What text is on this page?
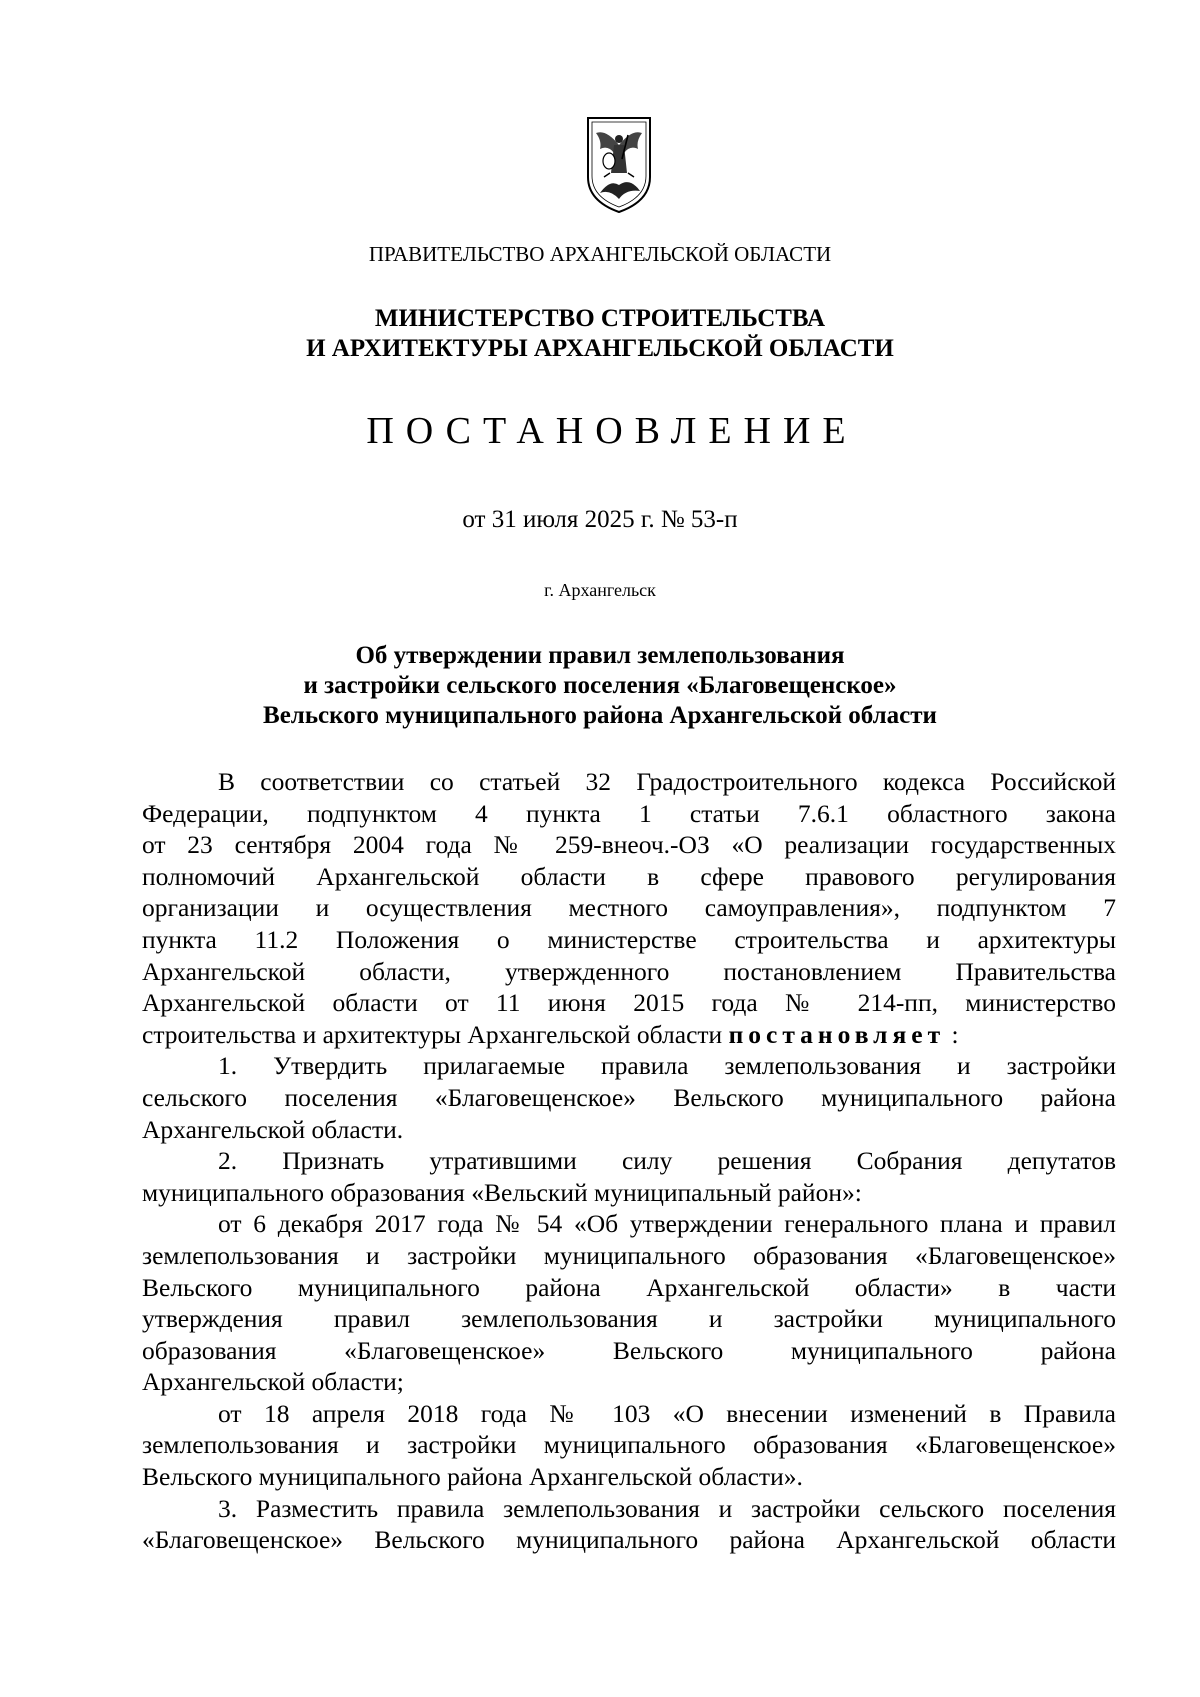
ПРАВИТЕЛЬСТВО АРХАНГЕЛЬСКОЙ ОБЛАСТИ
МИНИСТЕРСТВО СТРОИТЕЛЬСТВА
И АРХИТЕКТУРЫ АРХАНГЕЛЬСКОЙ ОБЛАСТИ
ПОСТАНОВЛЕНИЕ
от 31 июля 2025 г. № 53-п
г. Архангельск
Об утверждении правил землепользования
и застройки сельского поселения «Благовещенское»
Вельского муниципального района Архангельской области
В соответствии со статьей 32 Градостроительного кодекса Российской
Федерации, подпунктом 4 пункта 1 статьи 7.6.1 областного закона
от 23 сентября 2004 года № 259-внеоч.-ОЗ «О реализации государственных
полномочий Архангельской области в сфере правового регулирования
организации и осуществления местного самоуправления», подпунктом 7
пункта 11.2 Положения о министерстве строительства и архитектуры
Архангельской области, утвержденного постановлением Правительства
Архангельской области от 11 июня 2015 года № 214-пп, министерство
строительства и архитектуры Архангельской области постановляет :
1. Утвердить прилагаемые правила землепользования и застройки
сельского поселения «Благовещенское» Вельского муниципального района
Архангельской области.
2. Признать утратившими силу решения Собрания депутатов
муниципального образования «Вельский муниципальный район»:
от 6 декабря 2017 года № 54 «Об утверждении генерального плана и правил
землепользования и застройки муниципального образования «Благовещенское»
Вельского муниципального района Архангельской области» в части
утверждения правил землепользования и застройки муниципального
образования «Благовещенское» Вельского муниципального района
Архангельской области;
от 18 апреля 2018 года № 103 «О внесении изменений в Правила
землепользования и застройки муниципального образования «Благовещенское»
Вельского муниципального района Архангельской области».
3. Разместить правила землепользования и застройки сельского поселения
«Благовещенское» Вельского муниципального района Архангельской области
